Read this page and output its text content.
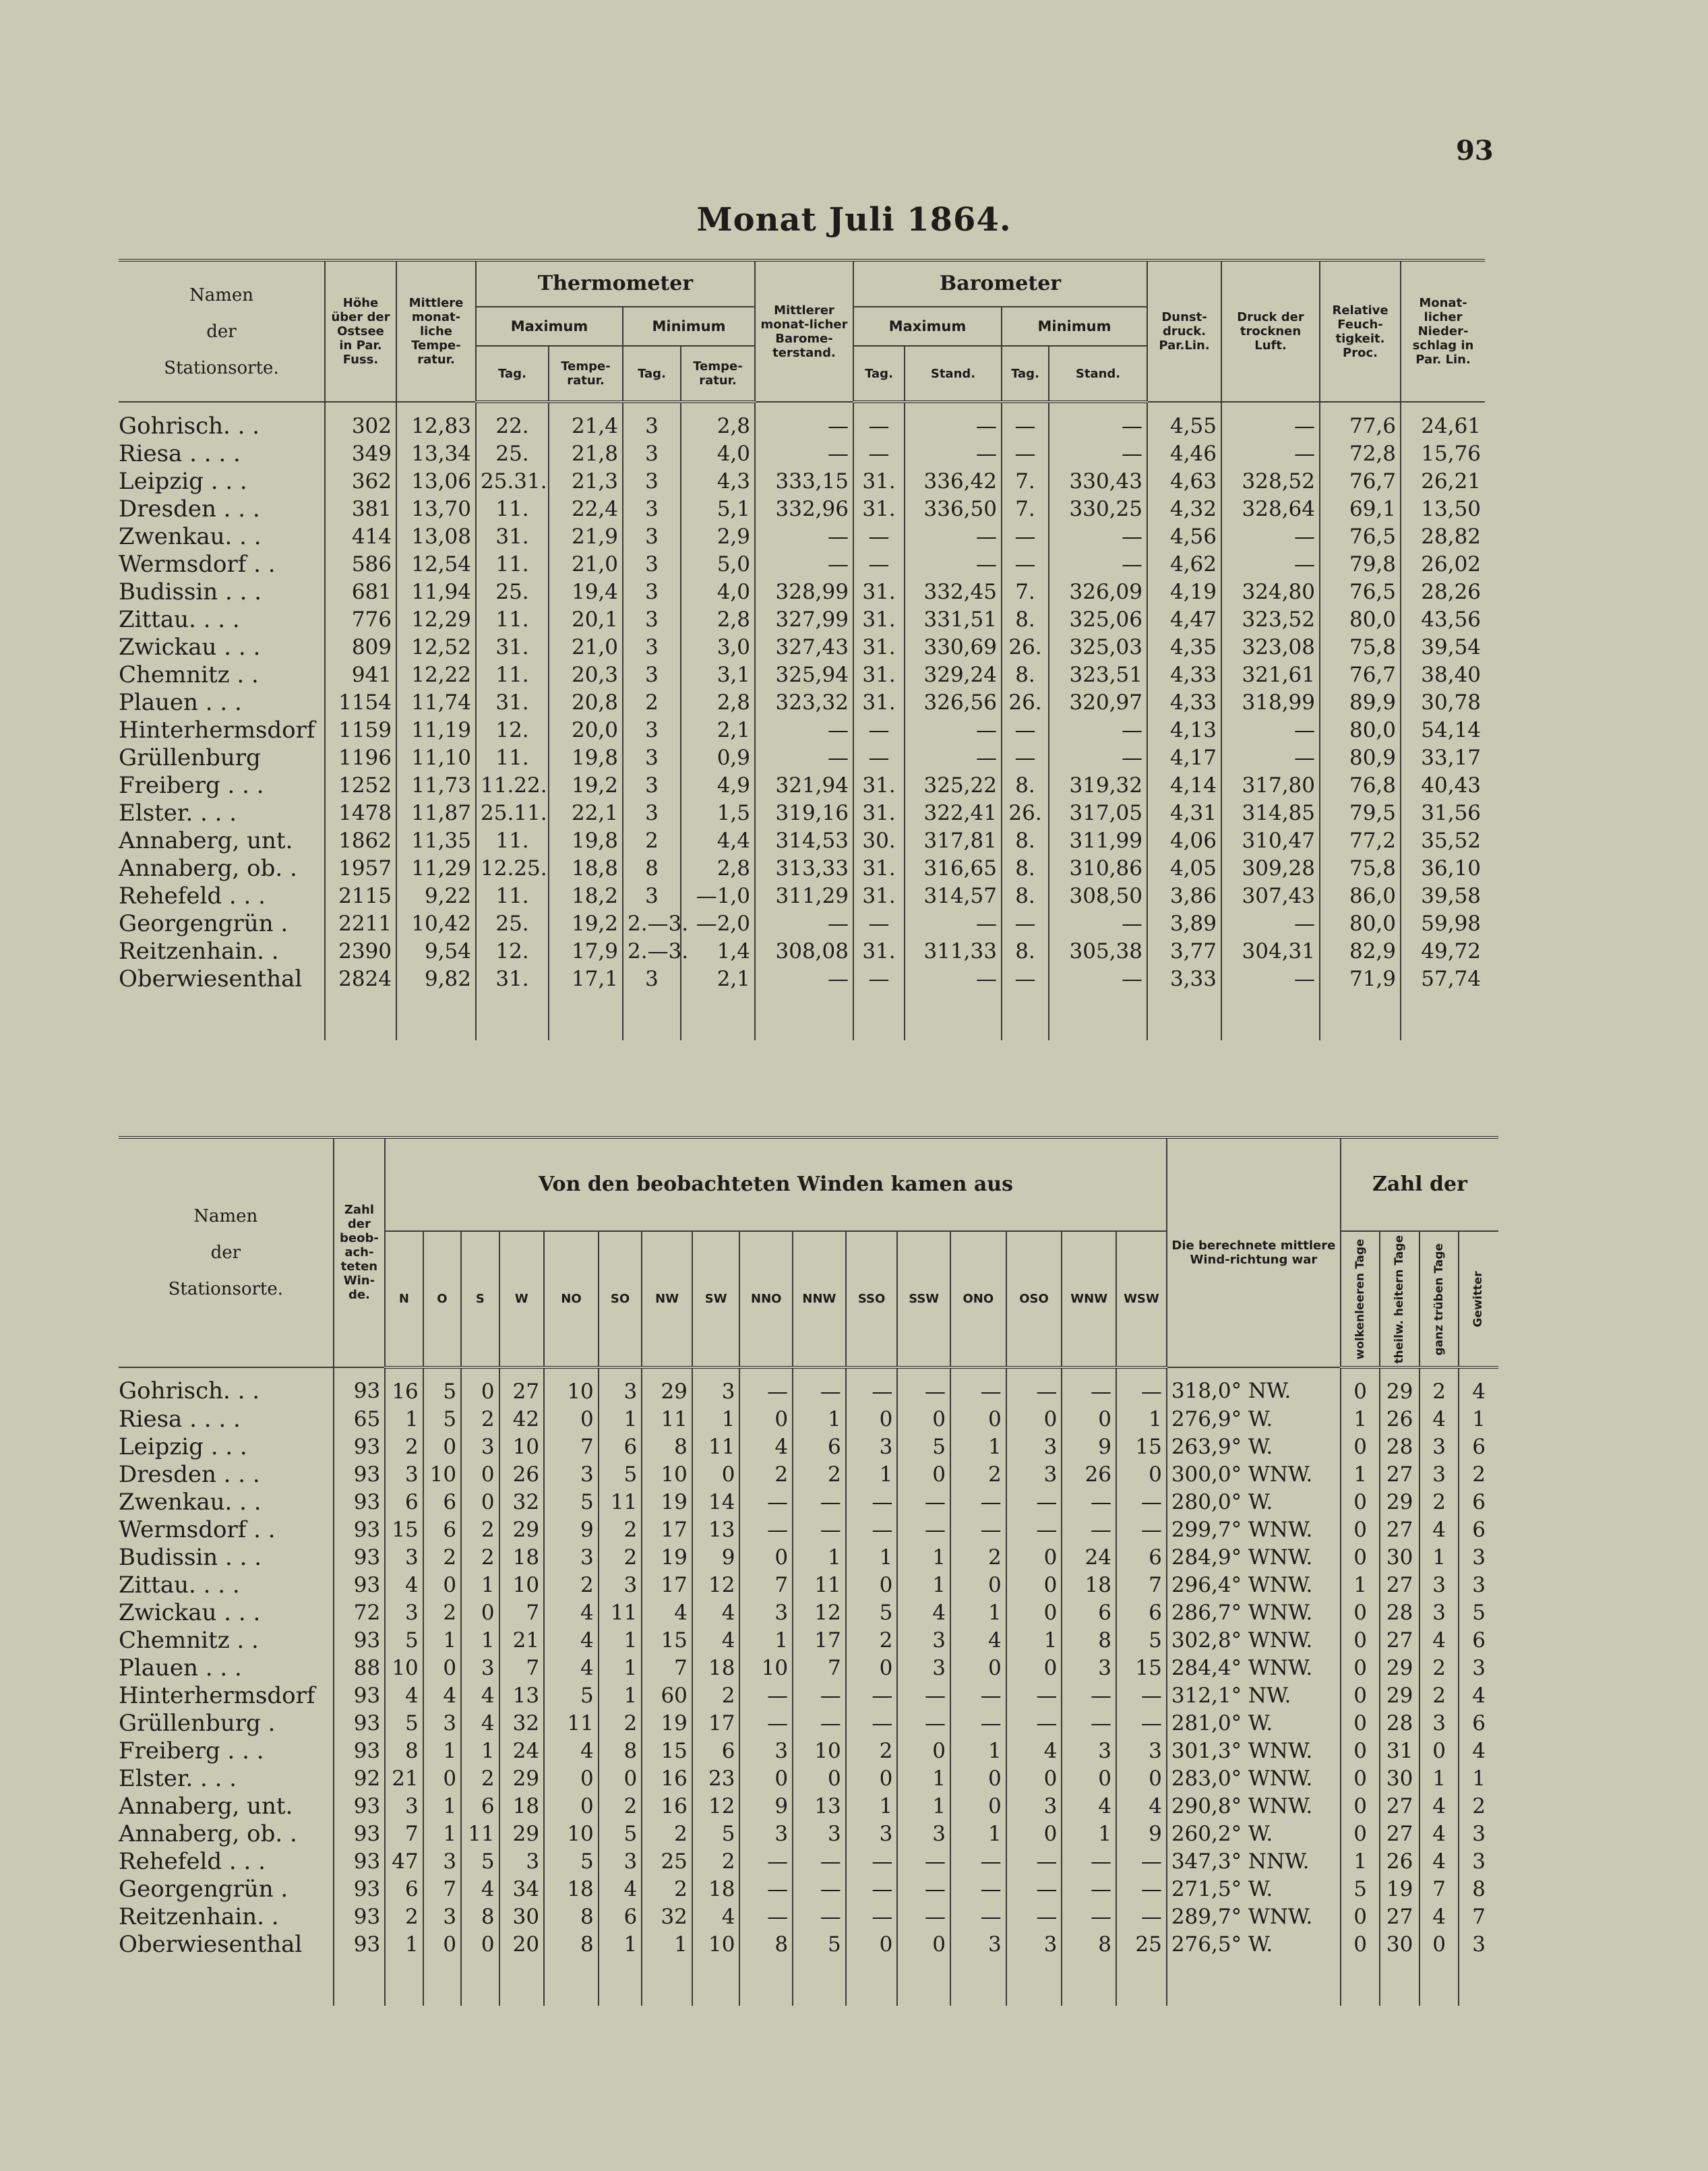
93
Monat Juli 1864.
Namen
der
Stationsorte.	Höhe über der Ostsee in Par. Fuss.	Mittlere monat-liche Tempe-ratur.	Thermometer				Mittlerer monat-licher Barome-terstand.	Barometer				Dunst-druck. Par.Lin.	Druck der trocknen Luft.	Relative Feuch-tigkeit. Proc.	Monat-licher Nieder-schlag in Par. Lin.
			Maximum		Minimum			Maximum		Minimum					
			Tag.	Tempe-ratur.	Tag.	Tempe-ratur.		Tag.	Stand.	Tag.	Stand.				
Gohrisch. . .	302	12,83	22.	21,4	3	2,8	—	—	—	—	—	4,55	—	77,6	24,61
Riesa . . . .	349	13,34	25.	21,8	3	4,0	—	—	—	—	—	4,46	—	72,8	15,76
Leipzig . . .	362	13,06	25.31.	21,3	3	4,3	333,15	31.	336,42	7.	330,43	4,63	328,52	76,7	26,21
Dresden . . .	381	13,70	11.	22,4	3	5,1	332,96	31.	336,50	7.	330,25	4,32	328,64	69,1	13,50
Zwenkau. . .	414	13,08	31.	21,9	3	2,9	—	—	—	—	—	4,56	—	76,5	28,82
Wermsdorf . .	586	12,54	11.	21,0	3	5,0	—	—	—	—	—	4,62	—	79,8	26,02
Budissin . . .	681	11,94	25.	19,4	3	4,0	328,99	31.	332,45	7.	326,09	4,19	324,80	76,5	28,26
Zittau. . . .	776	12,29	11.	20,1	3	2,8	327,99	31.	331,51	8.	325,06	4,47	323,52	80,0	43,56
Zwickau . . .	809	12,52	31.	21,0	3	3,0	327,43	31.	330,69	26.	325,03	4,35	323,08	75,8	39,54
Chemnitz . .	941	12,22	11.	20,3	3	3,1	325,94	31.	329,24	8.	323,51	4,33	321,61	76,7	38,40
Plauen . . .	1154	11,74	31.	20,8	2	2,8	323,32	31.	326,56	26.	320,97	4,33	318,99	89,9	30,78
Hinterhermsdorf	1159	11,19	12.	20,0	3	2,1	—	—	—	—	—	4,13	—	80,0	54,14
Grüllenburg	1196	11,10	11.	19,8	3	0,9	—	—	—	—	—	4,17	—	80,9	33,17
Freiberg . . .	1252	11,73	11.22.	19,2	3	4,9	321,94	31.	325,22	8.	319,32	4,14	317,80	76,8	40,43
Elster. . . .	1478	11,87	25.11.	22,1	3	1,5	319,16	31.	322,41	26.	317,05	4,31	314,85	79,5	31,56
Annaberg, unt.	1862	11,35	11.	19,8	2	4,4	314,53	30.	317,81	8.	311,99	4,06	310,47	77,2	35,52
Annaberg, ob. .	1957	11,29	12.25.	18,8	8	2,8	313,33	31.	316,65	8.	310,86	4,05	309,28	75,8	36,10
Rehefeld . . .	2115	9,22	11.	18,2	3	—1,0	311,29	31.	314,57	8.	308,50	3,86	307,43	86,0	39,58
Georgengrün .	2211	10,42	25.	19,2	2.—3.	—2,0	—	—	—	—	—	3,89	—	80,0	59,98
Reitzenhain. .	2390	9,54	12.	17,9	2.—3.	1,4	308,08	31.	311,33	8.	305,38	3,77	304,31	82,9	49,72
Oberwiesenthal	2824	9,82	31.	17,1	3	2,1	—	—	—	—	—	3,33	—	71,9	57,74

Namen
der
Stationsorte.	Zahl der beob-ach-teten Win-de.	Von den beobachteten Winden kamen aus																Die berechnete mittlere Wind-richtung war	Zahl der			
		N	O	S	W	NO	SO	NW	SW	NNO	NNW	SSO	SSW	ONO	OSO	WNW	WSW		wolkenleeren Tage	theilw. heitern Tage	ganz trüben Tage	Gewitter
Gohrisch. . .	93	16	5	0	27	10	3	29	3	—	—	—	—	—	—	—	—	318,0° NW.	0	29	2	4
Riesa . . . .	65	1	5	2	42	0	1	11	1	0	1	0	0	0	0	0	1	276,9° W.	1	26	4	1
Leipzig . . .	93	2	0	3	10	7	6	8	11	4	6	3	5	1	3	9	15	263,9° W.	0	28	3	6
Dresden . . .	93	3	10	0	26	3	5	10	0	2	2	1	0	2	3	26	0	300,0° WNW.	1	27	3	2
Zwenkau. . .	93	6	6	0	32	5	11	19	14	—	—	—	—	—	—	—	—	280,0° W.	0	29	2	6
Wermsdorf . .	93	15	6	2	29	9	2	17	13	—	—	—	—	—	—	—	—	299,7° WNW.	0	27	4	6
Budissin . . .	93	3	2	2	18	3	2	19	9	0	1	1	1	2	0	24	6	284,9° WNW.	0	30	1	3
Zittau. . . .	93	4	0	1	10	2	3	17	12	7	11	0	1	0	0	18	7	296,4° WNW.	1	27	3	3
Zwickau . . .	72	3	2	0	7	4	11	4	4	3	12	5	4	1	0	6	6	286,7° WNW.	0	28	3	5
Chemnitz . .	93	5	1	1	21	4	1	15	4	1	17	2	3	4	1	8	5	302,8° WNW.	0	27	4	6
Plauen . . .	88	10	0	3	7	4	1	7	18	10	7	0	3	0	0	3	15	284,4° WNW.	0	29	2	3
Hinterhermsdorf	93	4	4	4	13	5	1	60	2	—	—	—	—	—	—	—	—	312,1° NW.	0	29	2	4
Grüllenburg .	93	5	3	4	32	11	2	19	17	—	—	—	—	—	—	—	—	281,0° W.	0	28	3	6
Freiberg . . .	93	8	1	1	24	4	8	15	6	3	10	2	0	1	4	3	3	301,3° WNW.	0	31	0	4
Elster. . . .	92	21	0	2	29	0	0	16	23	0	0	0	1	0	0	0	0	283,0° WNW.	0	30	1	1
Annaberg, unt.	93	3	1	6	18	0	2	16	12	9	13	1	1	0	3	4	4	290,8° WNW.	0	27	4	2
Annaberg, ob. .	93	7	1	11	29	10	5	2	5	3	3	3	3	1	0	1	9	260,2° W.	0	27	4	3
Rehefeld . . .	93	47	3	5	3	5	3	25	2	—	—	—	—	—	—	—	—	347,3° NNW.	1	26	4	3
Georgengrün .	93	6	7	4	34	18	4	2	18	—	—	—	—	—	—	—	—	271,5° W.	5	19	7	8
Reitzenhain. .	93	2	3	8	30	8	6	32	4	—	—	—	—	—	—	—	—	289,7° WNW.	0	27	4	7
Oberwiesenthal	93	1	0	0	20	8	1	1	10	8	5	0	0	3	3	8	25	276,5° W.	0	30	0	3
